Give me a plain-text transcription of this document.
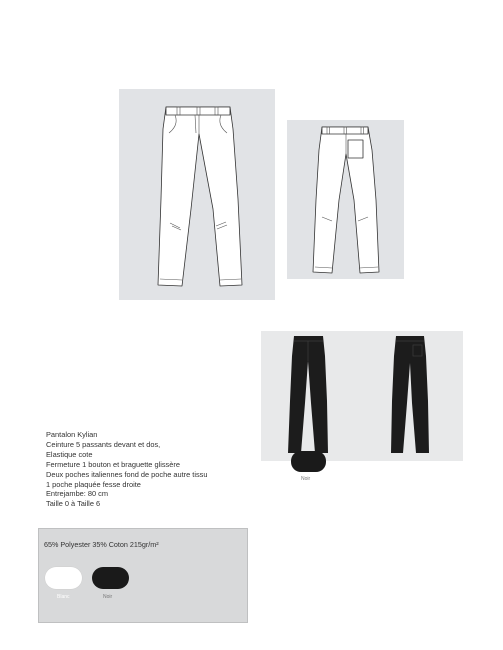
Noir
Pantalon Kylian
Ceinture 5 passants devant et dos,
Elastique cote
Fermeture 1 bouton et braguette glissère
Deux poches italiennes fond de poche autre tissu
1 poche plaquée fesse droite
Entrejambe: 80 cm
Taille 0 à Taille 6
65% Polyester 35% Coton 215gr/m²
Blanc	Noir
